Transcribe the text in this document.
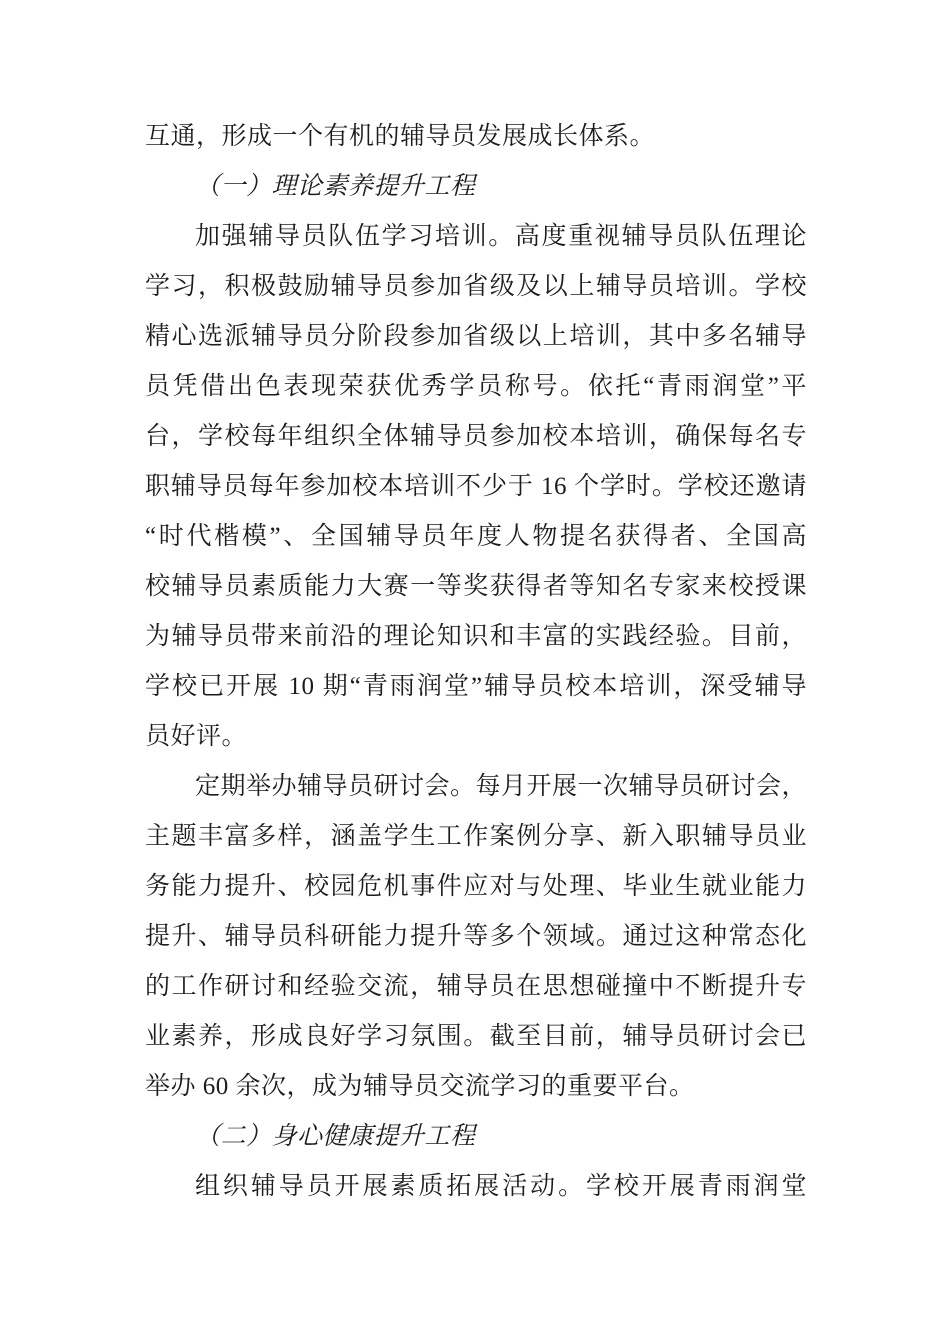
互通，形成一个有机的辅导员发展成长体系。
（一）理论素养提升工程
加强辅导员队伍学习培训。高度重视辅导员队伍理论
学习，积极鼓励辅导员参加省级及以上辅导员培训。学校
精心选派辅导员分阶段参加省级以上培训，其中多名辅导
员凭借出色表现荣获优秀学员称号。依托“青雨润堂”平
台，学校每年组织全体辅导员参加校本培训，确保每名专
职辅导员每年参加校本培训不少于 16 个学时。学校还邀请
“时代楷模”、全国辅导员年度人物提名获得者、全国高
校辅导员素质能力大赛一等奖获得者等知名专家来校授课
为辅导员带来前沿的理论知识和丰富的实践经验。目前，
学校已开展 10 期“青雨润堂”辅导员校本培训，深受辅导
员好评。
定期举办辅导员研讨会。每月开展一次辅导员研讨会，
主题丰富多样，涵盖学生工作案例分享、新入职辅导员业
务能力提升、校园危机事件应对与处理、毕业生就业能力
提升、辅导员科研能力提升等多个领域。通过这种常态化
的工作研讨和经验交流，辅导员在思想碰撞中不断提升专
业素养，形成良好学习氛围。截至目前，辅导员研讨会已
举办 60 余次，成为辅导员交流学习的重要平台。
（二）身心健康提升工程
组织辅导员开展素质拓展活动。学校开展青雨润堂
